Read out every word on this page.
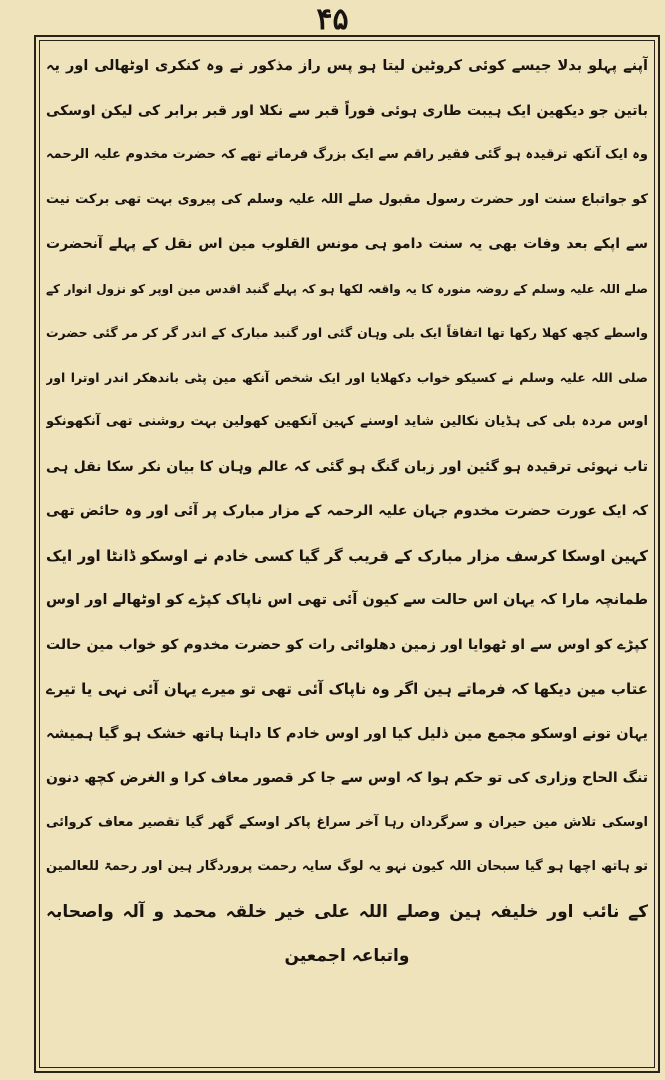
۴۵
آپنے پہلو بدلا جیسے کوئی کروٹین لیتا ہو پس راز مذکور نے وہ کنکری اوٹھالی اور یہ
باتین جو دیکھین ایک ہیبت طاری ہوئی فوراً قبر سے نکلا اور قبر برابر کی لیکن اوسکی
وہ ایک آنکھ ترقیدہ ہو گئی فقیر راقم سے ایک بزرگ فرماتے تھے کہ حضرت مخدوم علیہ الرحمہ
کو جواتباع سنت اور حضرت رسول مقبول صلے اللہ علیہ وسلم کی پیروی بہت تھی برکت نیت
سے اپکے بعد وفات بھی یہ سنت دامو ہی مونس القلوب مین اس نقل کے پہلے آنحضرت
صلے اللہ علیہ وسلم کے روضہ منورہ کا یہ واقعہ لکھا ہو کہ پہلے گنبد اقدس مین اوپر کو نزول انوار کے
واسطے کچھ کھلا رکھا تھا اتفاقاً ایک بلی وہان گئی اور گنبد مبارک کے اندر گر کر مر گئی حضرت
صلی اللہ علیہ وسلم نے کسیکو خواب دکھلایا اور ایک شخص آنکھ مین پٹی باندھکر اندر اوترا اور
اوس مردہ بلی کی ہڈیان نکالین شاید اوسنے کہین آنکھین کھولین بہت روشنی تھی آنکھونکو
تاب نہوئی ترقیدہ ہو گئین اور زبان گنگ ہو گئی کہ عالم وہان کا بیان نکر سکا نقل ہی
کہ ایک عورت حضرت مخدوم جہان علیہ الرحمہ کے مزار مبارک پر آئی اور وہ حائض تھی
کہین اوسکا کرسف مزار مبارک کے قریب گر گیا کسی خادم نے اوسکو ڈانٹا اور ایک
طمانچہ مارا کہ یہان اس حالت سے کیون آئی تھی اس ناپاک کپڑے کو اوٹھالے اور اوس
کپڑے کو اوس سے او ٹھوایا اور زمین دھلوائی رات کو حضرت مخدوم کو خواب مین حالت
عتاب مین دیکھا کہ فرماتے ہین اگر وہ ناپاک آئی تھی تو میرے یہان آئی نہی یا تیرے
یہان تونے اوسکو مجمع مین ذلیل کیا اور اوس خادم کا داہنا ہاتھ خشک ہو گیا ہمیشہ
تنگ الحاح وزاری کی تو حکم ہوا کہ اوس سے جا کر قصور معاف کرا و الغرض کچھ دنون
اوسکی تلاش مین حیران و سرگردان رہا آخر سراغ پاکر اوسکے گھر گیا تقصیر معاف کروائی
تو ہاتھ اچھا ہو گیا سبحان اللہ کیون نہو یہ لوگ سایہ رحمت پروردگار ہین اور رحمۃ للعالمین
کے نائب اور خلیفہ ہین وصلے اللہ علی خیر خلقہ محمد و آلہ واصحابہ
واتباعہ اجمعین
